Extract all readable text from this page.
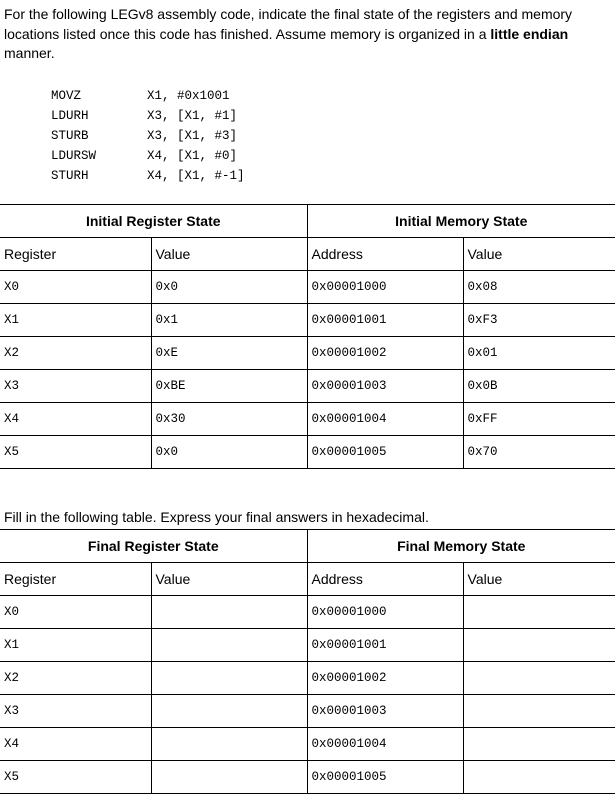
For the following LEGv8 assembly code, indicate the final state of the registers and memory locations listed once this code has finished. Assume memory is organized in a little endian manner.
MOVZ	X1, #0x1001
LDURH	X3, [X1, #1]
STURB	X3, [X1, #3]
LDURSW	X4, [X1, #0]
STURH	X4, [X1, #-1]
Initial Register State		Initial Memory State	
Register	Value	Address	Value
X0	0x0	0x00001000	0x08
X1	0x1	0x00001001	0xF3
X2	0xE	0x00001002	0x01
X3	0xBE	0x00001003	0x0B
X4	0x30	0x00001004	0xFF
X5	0x0	0x00001005	0x70
Fill in the following table. Express your final answers in hexadecimal.
Final Register State		Final Memory State	
Register	Value	Address	Value
X0		0x00001000	
X1		0x00001001	
X2		0x00001002	
X3		0x00001003	
X4		0x00001004	
X5		0x00001005	
